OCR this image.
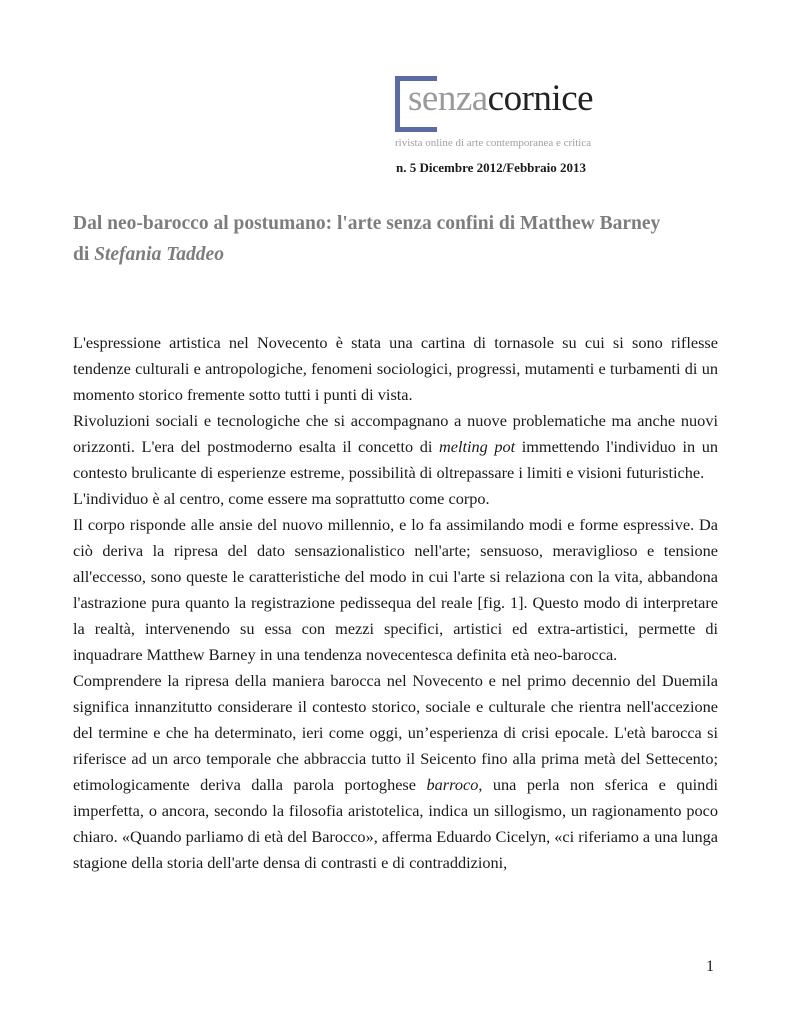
senzacornice
rivista online di arte contemporanea e critica
n. 5 Dicembre 2012/Febbraio 2013
Dal neo-barocco al postumano: l'arte senza confini di Matthew Barney
di Stefania Taddeo

L'espressione artistica nel Novecento è stata una cartina di tornasole su cui si sono riflesse tendenze culturali e antropologiche, fenomeni sociologici, progressi, mutamenti e turbamenti di un momento storico fremente sotto tutti i punti di vista.

Rivoluzioni sociali e tecnologiche che si accompagnano a nuove problematiche ma anche nuovi orizzonti. L'era del postmoderno esalta il concetto di melting pot immettendo l'individuo in un contesto brulicante di esperienze estreme, possibilità di oltrepassare i limiti e visioni futuristiche.

L'individuo è al centro, come essere ma soprattutto come corpo.

Il corpo risponde alle ansie del nuovo millennio, e lo fa assimilando modi e forme espressive. Da ciò deriva la ripresa del dato sensazionalistico nell'arte; sensuoso, meraviglioso e tensione all'eccesso, sono queste le caratteristiche del modo in cui l'arte si relaziona con la vita, abbandona l'astrazione pura quanto la registrazione pedissequa del reale [fig. 1]. Questo modo di interpretare la realtà, intervenendo su essa con mezzi specifici, artistici ed extra-artistici, permette di inquadrare Matthew Barney in una tendenza novecentesca definita età neo-barocca.

Comprendere la ripresa della maniera barocca nel Novecento e nel primo decennio del Duemila significa innanzitutto considerare il contesto storico, sociale e culturale che rientra nell'accezione del termine e che ha determinato, ieri come oggi, un’esperienza di crisi epocale. L'età barocca si riferisce ad un arco temporale che abbraccia tutto il Seicento fino alla prima metà del Settecento; etimologicamente deriva dalla parola portoghese barroco, una perla non sferica e quindi imperfetta, o ancora, secondo la filosofia aristotelica, indica un sillogismo, un ragionamento poco chiaro. «Quando parliamo di età del Barocco», afferma Eduardo Cicelyn, «ci riferiamo a una lunga stagione della storia dell'arte densa di contrasti e di contraddizioni,

1
